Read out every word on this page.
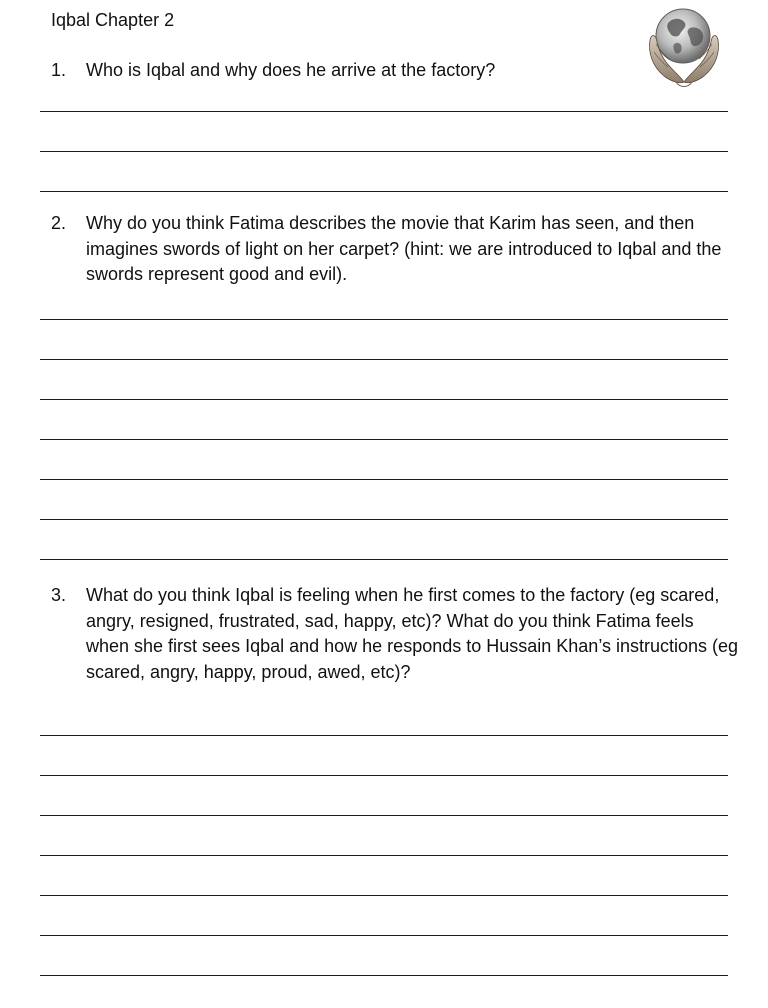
Iqbal Chapter 2
1.	Who is Iqbal and why does he arrive at the factory?
2.	Why do you think Fatima describes the movie that Karim has seen, and then imagines swords of light on her carpet? (hint: we are introduced to Iqbal and the swords represent good and evil).
3.	What do you think Iqbal is feeling when he first comes to the factory (eg scared, angry, resigned, frustrated, sad, happy, etc)? What do you think Fatima feels when she first sees Iqbal and how he responds to Hussain Khan’s instructions (eg scared, angry, happy, proud, awed, etc)?
